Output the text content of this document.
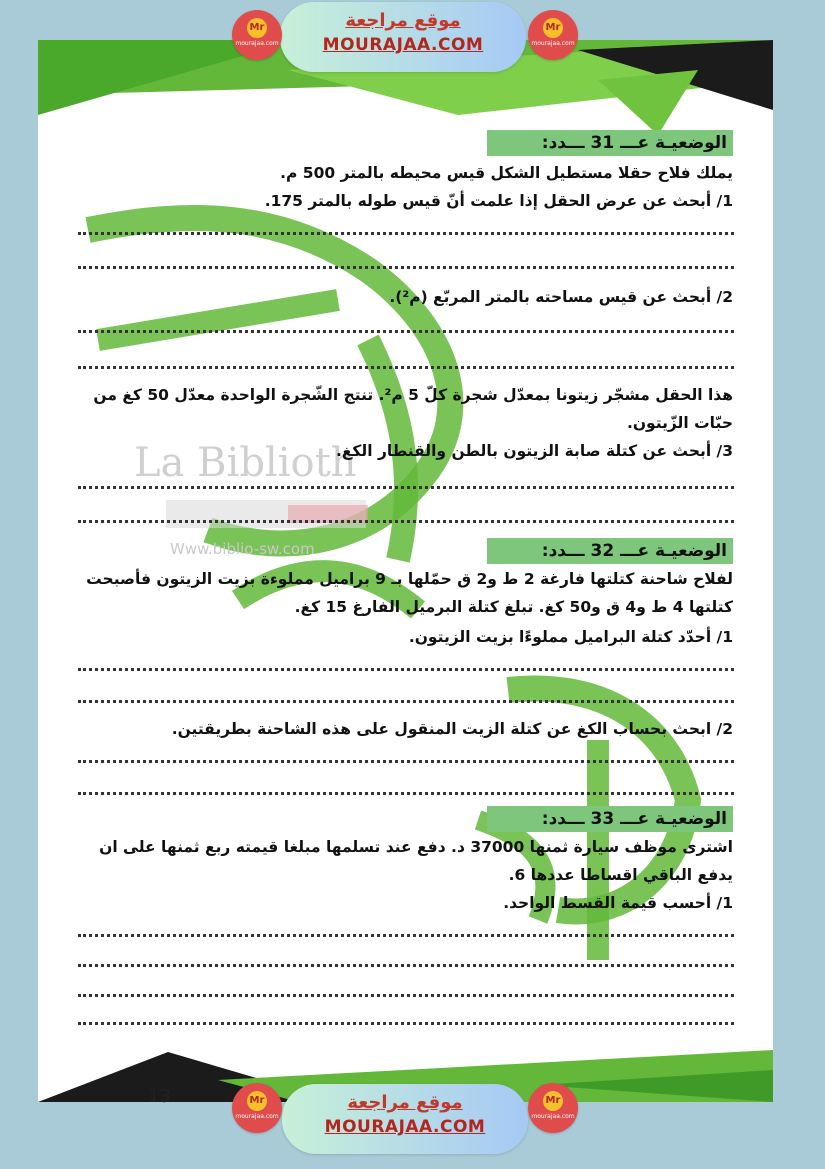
La Biblioth
Www.biblio-sw.com
موقع مراجعة
MOURAJAA.COM
Mr
mourajaa.com
Mr
mourajaa.com
الوضعيـة عـــ 31 ـــدد:
يملك فلاح حقلا مستطيل الشكل قيس محيطه بالمتر 500 م.
1/ أبحث عن عرض الحقل إذا علمت أنّ قيس طوله بالمتر 175.
2/ أبحث عن قيس مساحته بالمتر المربّع (م²).
هذا الحقل مشجّر زيتونا بمعدّل شجرة كلّ 5 م². تنتج الشّجرة الواحدة معدّل 50 كغ من
حبّات الزّيتون.
3/ أبحث عن كتلة صابة الزيتون بالطن والقنطار الكغ.
الوضعيـة عـــ 32 ـــدد:
لفلاح شاحنة كتلتها فارغة 2 ط و2 ق حمّلها بـ 9 براميل مملوءة بزيت الزيتون فأصبحت
كتلتها 4 ط و4 ق و50 كغ. تبلغ كتلة البرميل الفارغ 15 كغ.
1/ أحدّد كتلة البراميل مملوءًا بزيت الزيتون.
2/ ابحث بحساب الكغ عن كتلة الزيت المنقول على هذه الشاحنة بطريقتين.
الوضعيـة عـــ 33 ـــدد:
اشترى موظف سيارة ثمنها 37000 د. دفع عند تسلمها مبلغا قيمته ربع ثمنها على ان
يدفع الباقي اقساطا عددها 6.
1/ أحسب قيمة القسط الواحد.
13	موقع مراجعة
MOURAJAA.COM
Mr
mourajaa.com
Mr
mourajaa.com
